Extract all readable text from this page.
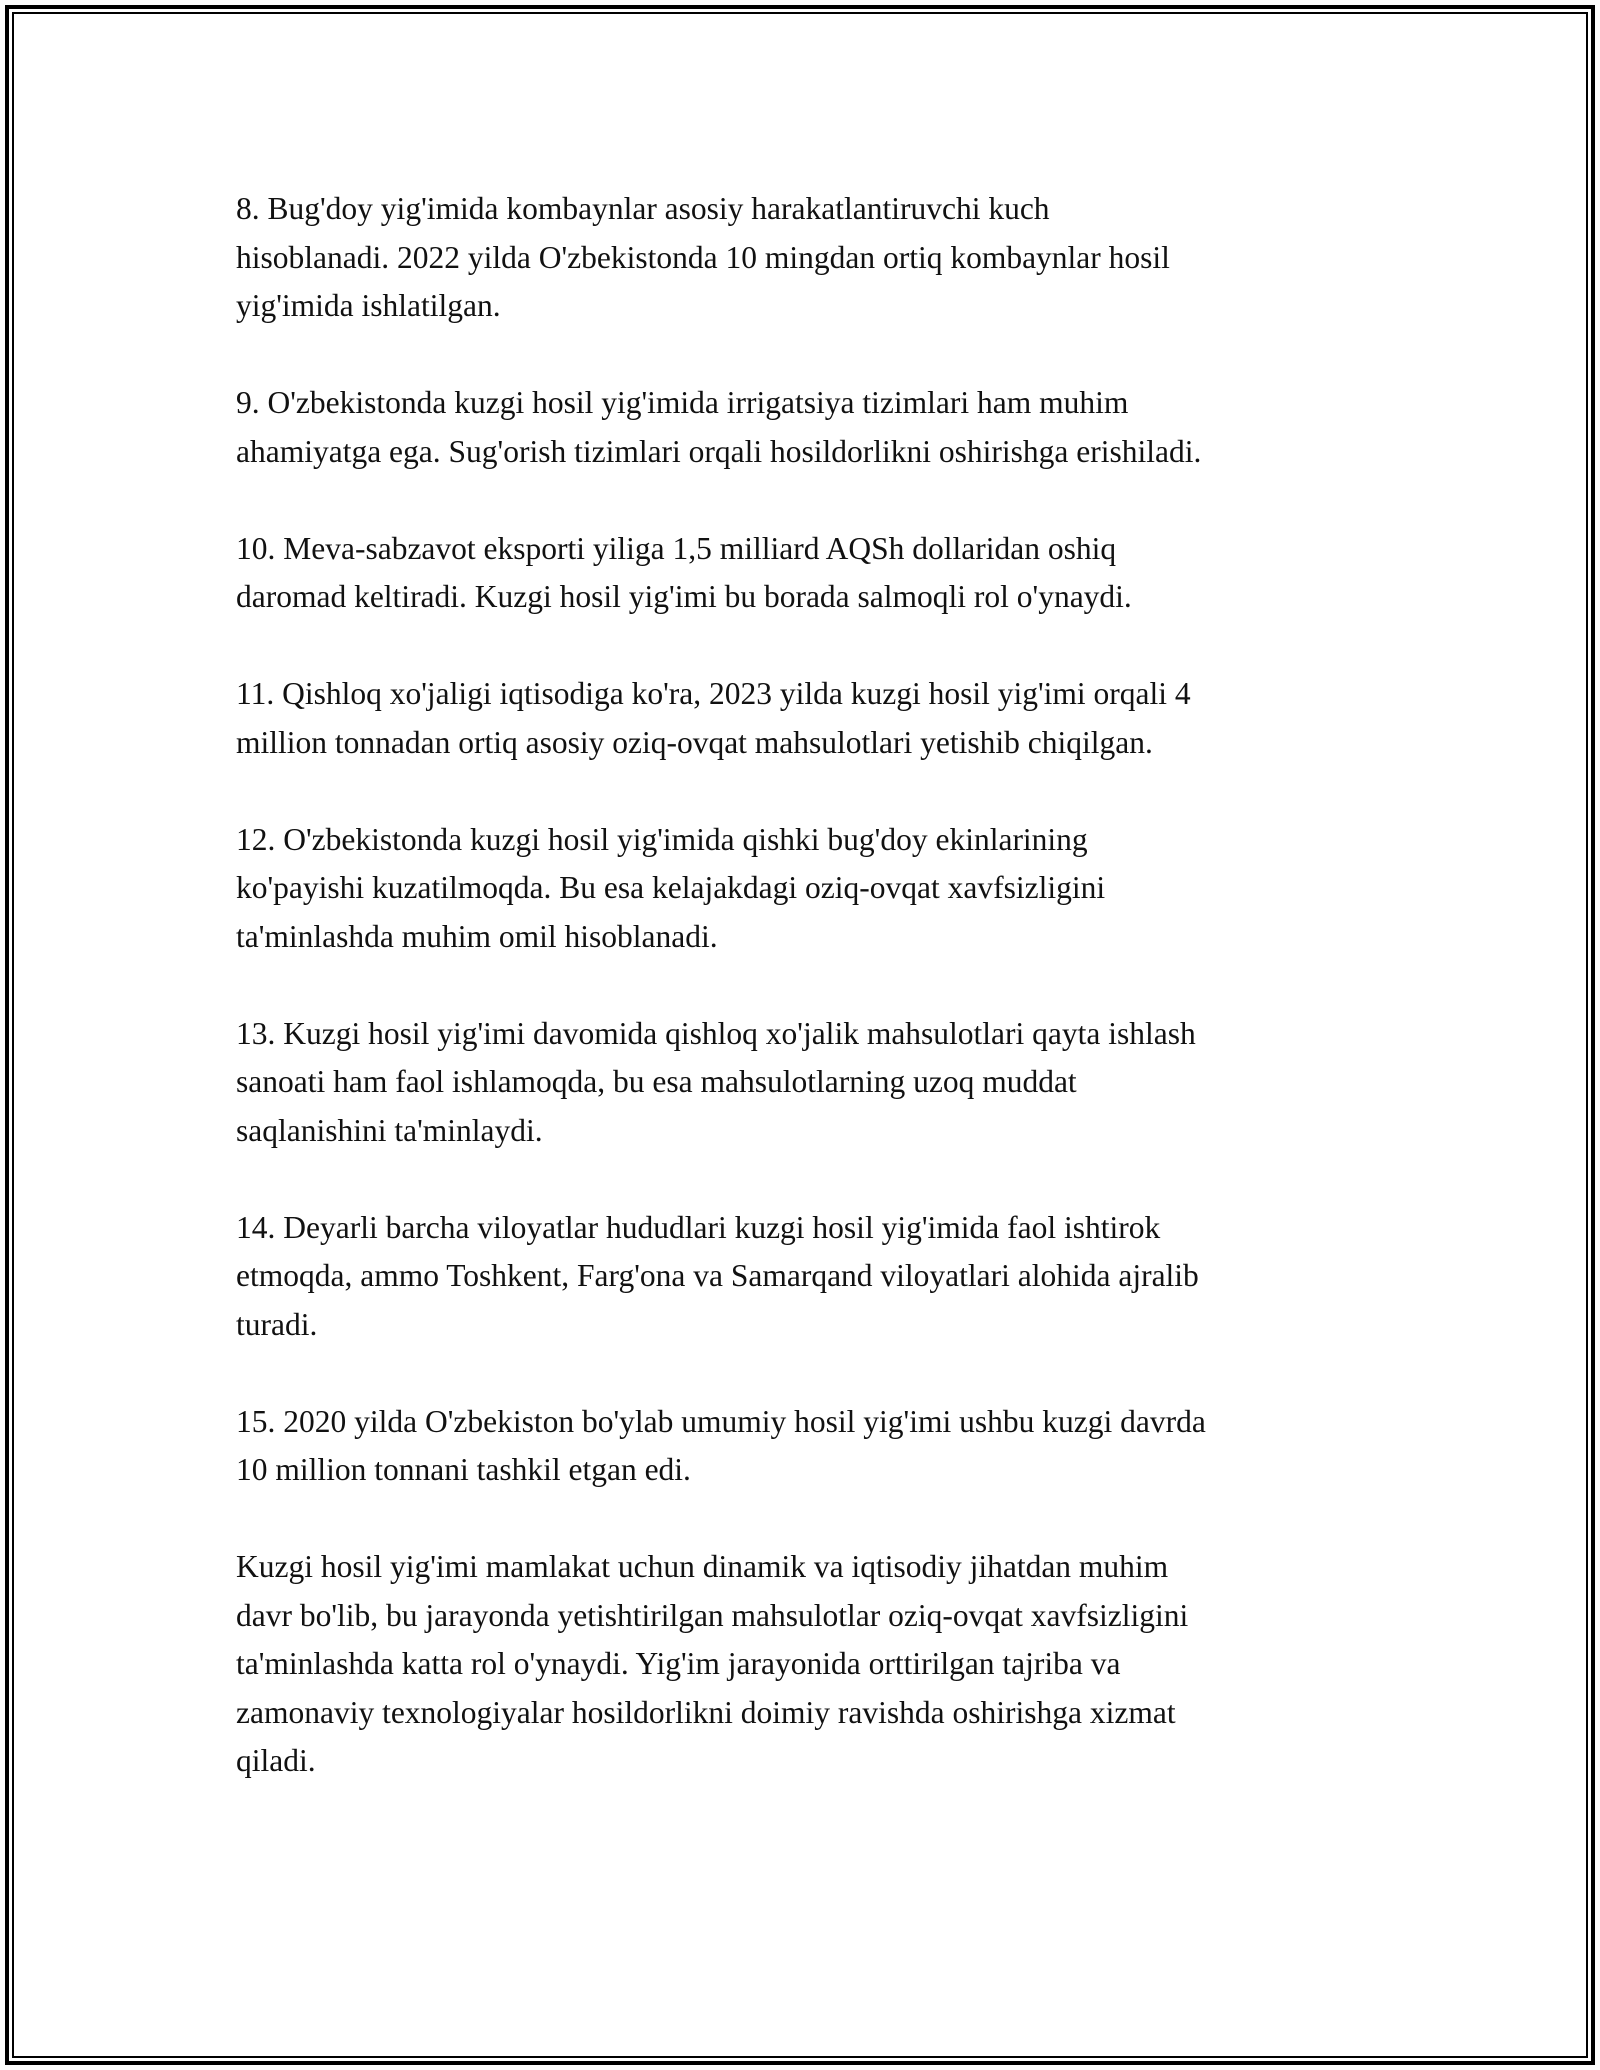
8. Bug'doy yig'imida kombaynlar asosiy harakatlantiruvchi kuch
hisoblanadi. 2022 yilda O'zbekistonda 10 mingdan ortiq kombaynlar hosil
yig'imida ishlatilgan.

9. O'zbekistonda kuzgi hosil yig'imida irrigatsiya tizimlari ham muhim
ahamiyatga ega. Sug'orish tizimlari orqali hosildorlikni oshirishga erishiladi.

10. Meva-sabzavot eksporti yiliga 1,5 milliard AQSh dollaridan oshiq
daromad keltiradi. Kuzgi hosil yig'imi bu borada salmoqli rol o'ynaydi.

11. Qishloq xo'jaligi iqtisodiga ko'ra, 2023 yilda kuzgi hosil yig'imi orqali 4
million tonnadan ortiq asosiy oziq-ovqat mahsulotlari yetishib chiqilgan.

12. O'zbekistonda kuzgi hosil yig'imida qishki bug'doy ekinlarining
ko'payishi kuzatilmoqda. Bu esa kelajakdagi oziq-ovqat xavfsizligini
ta'minlashda muhim omil hisoblanadi.

13. Kuzgi hosil yig'imi davomida qishloq xo'jalik mahsulotlari qayta ishlash
sanoati ham faol ishlamoqda, bu esa mahsulotlarning uzoq muddat
saqlanishini ta'minlaydi.

14. Deyarli barcha viloyatlar hududlari kuzgi hosil yig'imida faol ishtirok
etmoqda, ammo Toshkent, Farg'ona va Samarqand viloyatlari alohida ajralib
turadi.

15. 2020 yilda O'zbekiston bo'ylab umumiy hosil yig'imi ushbu kuzgi davrda
10 million tonnani tashkil etgan edi.

Kuzgi hosil yig'imi mamlakat uchun dinamik va iqtisodiy jihatdan muhim
davr bo'lib, bu jarayonda yetishtirilgan mahsulotlar oziq-ovqat xavfsizligini
ta'minlashda katta rol o'ynaydi. Yig'im jarayonida orttirilgan tajriba va
zamonaviy texnologiyalar hosildorlikni doimiy ravishda oshirishga xizmat
qiladi.
